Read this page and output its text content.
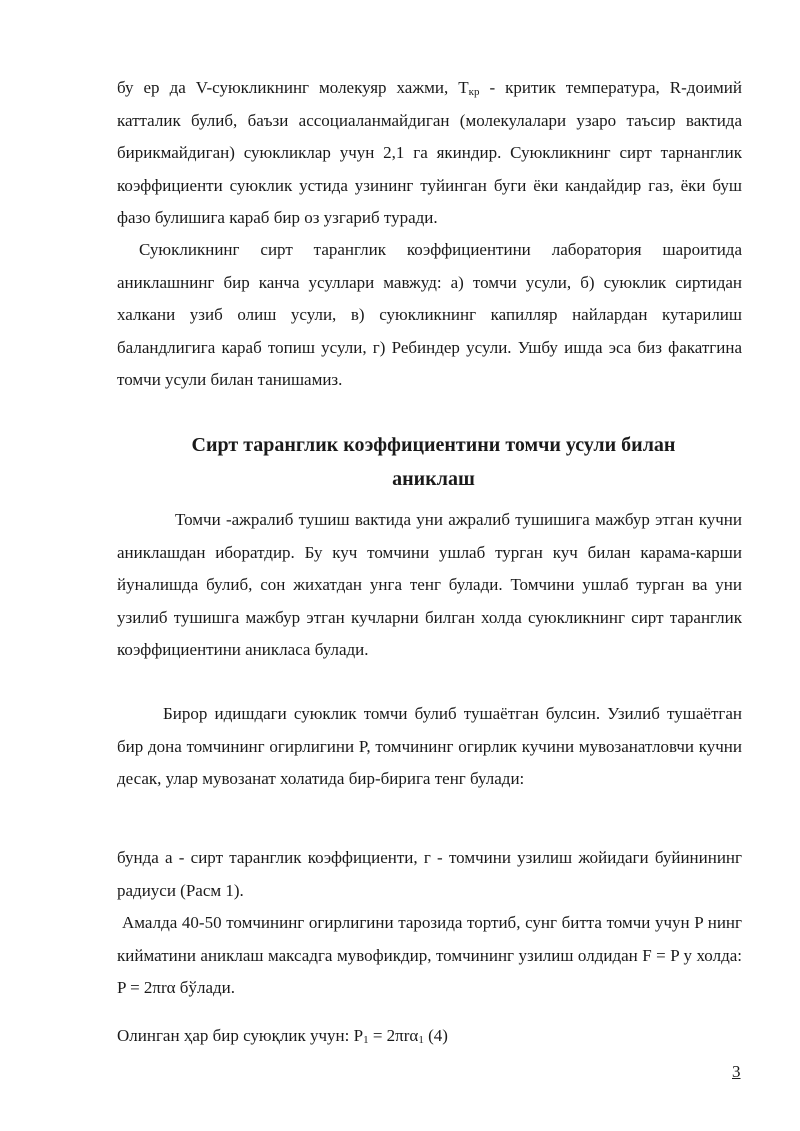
бу ер да V-суюкликнинг молекуяр хажми, $T_{кр}$ - критик температура, R-доимий катталик булиб, баъзи ассоциаланмайдиган (молекулалари узаро таъсир вактида бирикмайдиган) суюкликлар учун 2,1 га якиндир. Суюкликнинг сирт тарнанглик коэффициенти суюклик устида узининг туйинган буги ёки кандайдир газ, ёки буш фазо булишига караб бир оз узгариб туради.

Суюкликнинг сирт таранглик коэффициентини лаборатория шароитида аниклашнинг бир канча усуллари мавжуд: а) томчи усули, б) суюклик сиртидан халкани узиб олиш усули, в) суюкликнинг капилляр найлардан кутарилиш баландлигига караб топиш усули, г) Ребиндер усули. Ушбу ишда эса биз факатгина томчи усули билан танишамиз.

Сирт таранглик коэффициентини томчи усули билан
аниклаш

Томчи -ажралиб тушиш вактида уни ажралиб тушишига мажбур этган кучни аниклашдан иборатдир. Бу куч томчини ушлаб турган куч билан карама-карши йуналишда булиб, сон жихатдан унга тенг булади. Томчини ушлаб турган ва уни узилиб тушишга мажбур этган кучларни билган холда суюкликнинг сирт таранглик коэффициентини аникласа булади.

Бирор идишдаги суюклик томчи булиб тушаётган булсин. Узилиб тушаётган бир дона томчининг огирлигини P, томчининг огирлик кучини мувозанатловчи кучни десак, улар мувозанат холатида бир-бирига тенг булади:

бунда а - сирт таранглик коэффициенти, г - томчини узилиш жойидаги буйинининг радиуси (Расм 1).

Амалда 40-50 томчининг огирлигини тарозида тортиб, сунг битта томчи учун P нинг кийматини аниклаш максадга мувофикдир, томчининг узилиш олдидан F = P у холда: P = 2πrα бўлади.

Олинган ҳар бир суюқлик учун: $P_1 = 2\pi r\alpha_1$ (4)

3
